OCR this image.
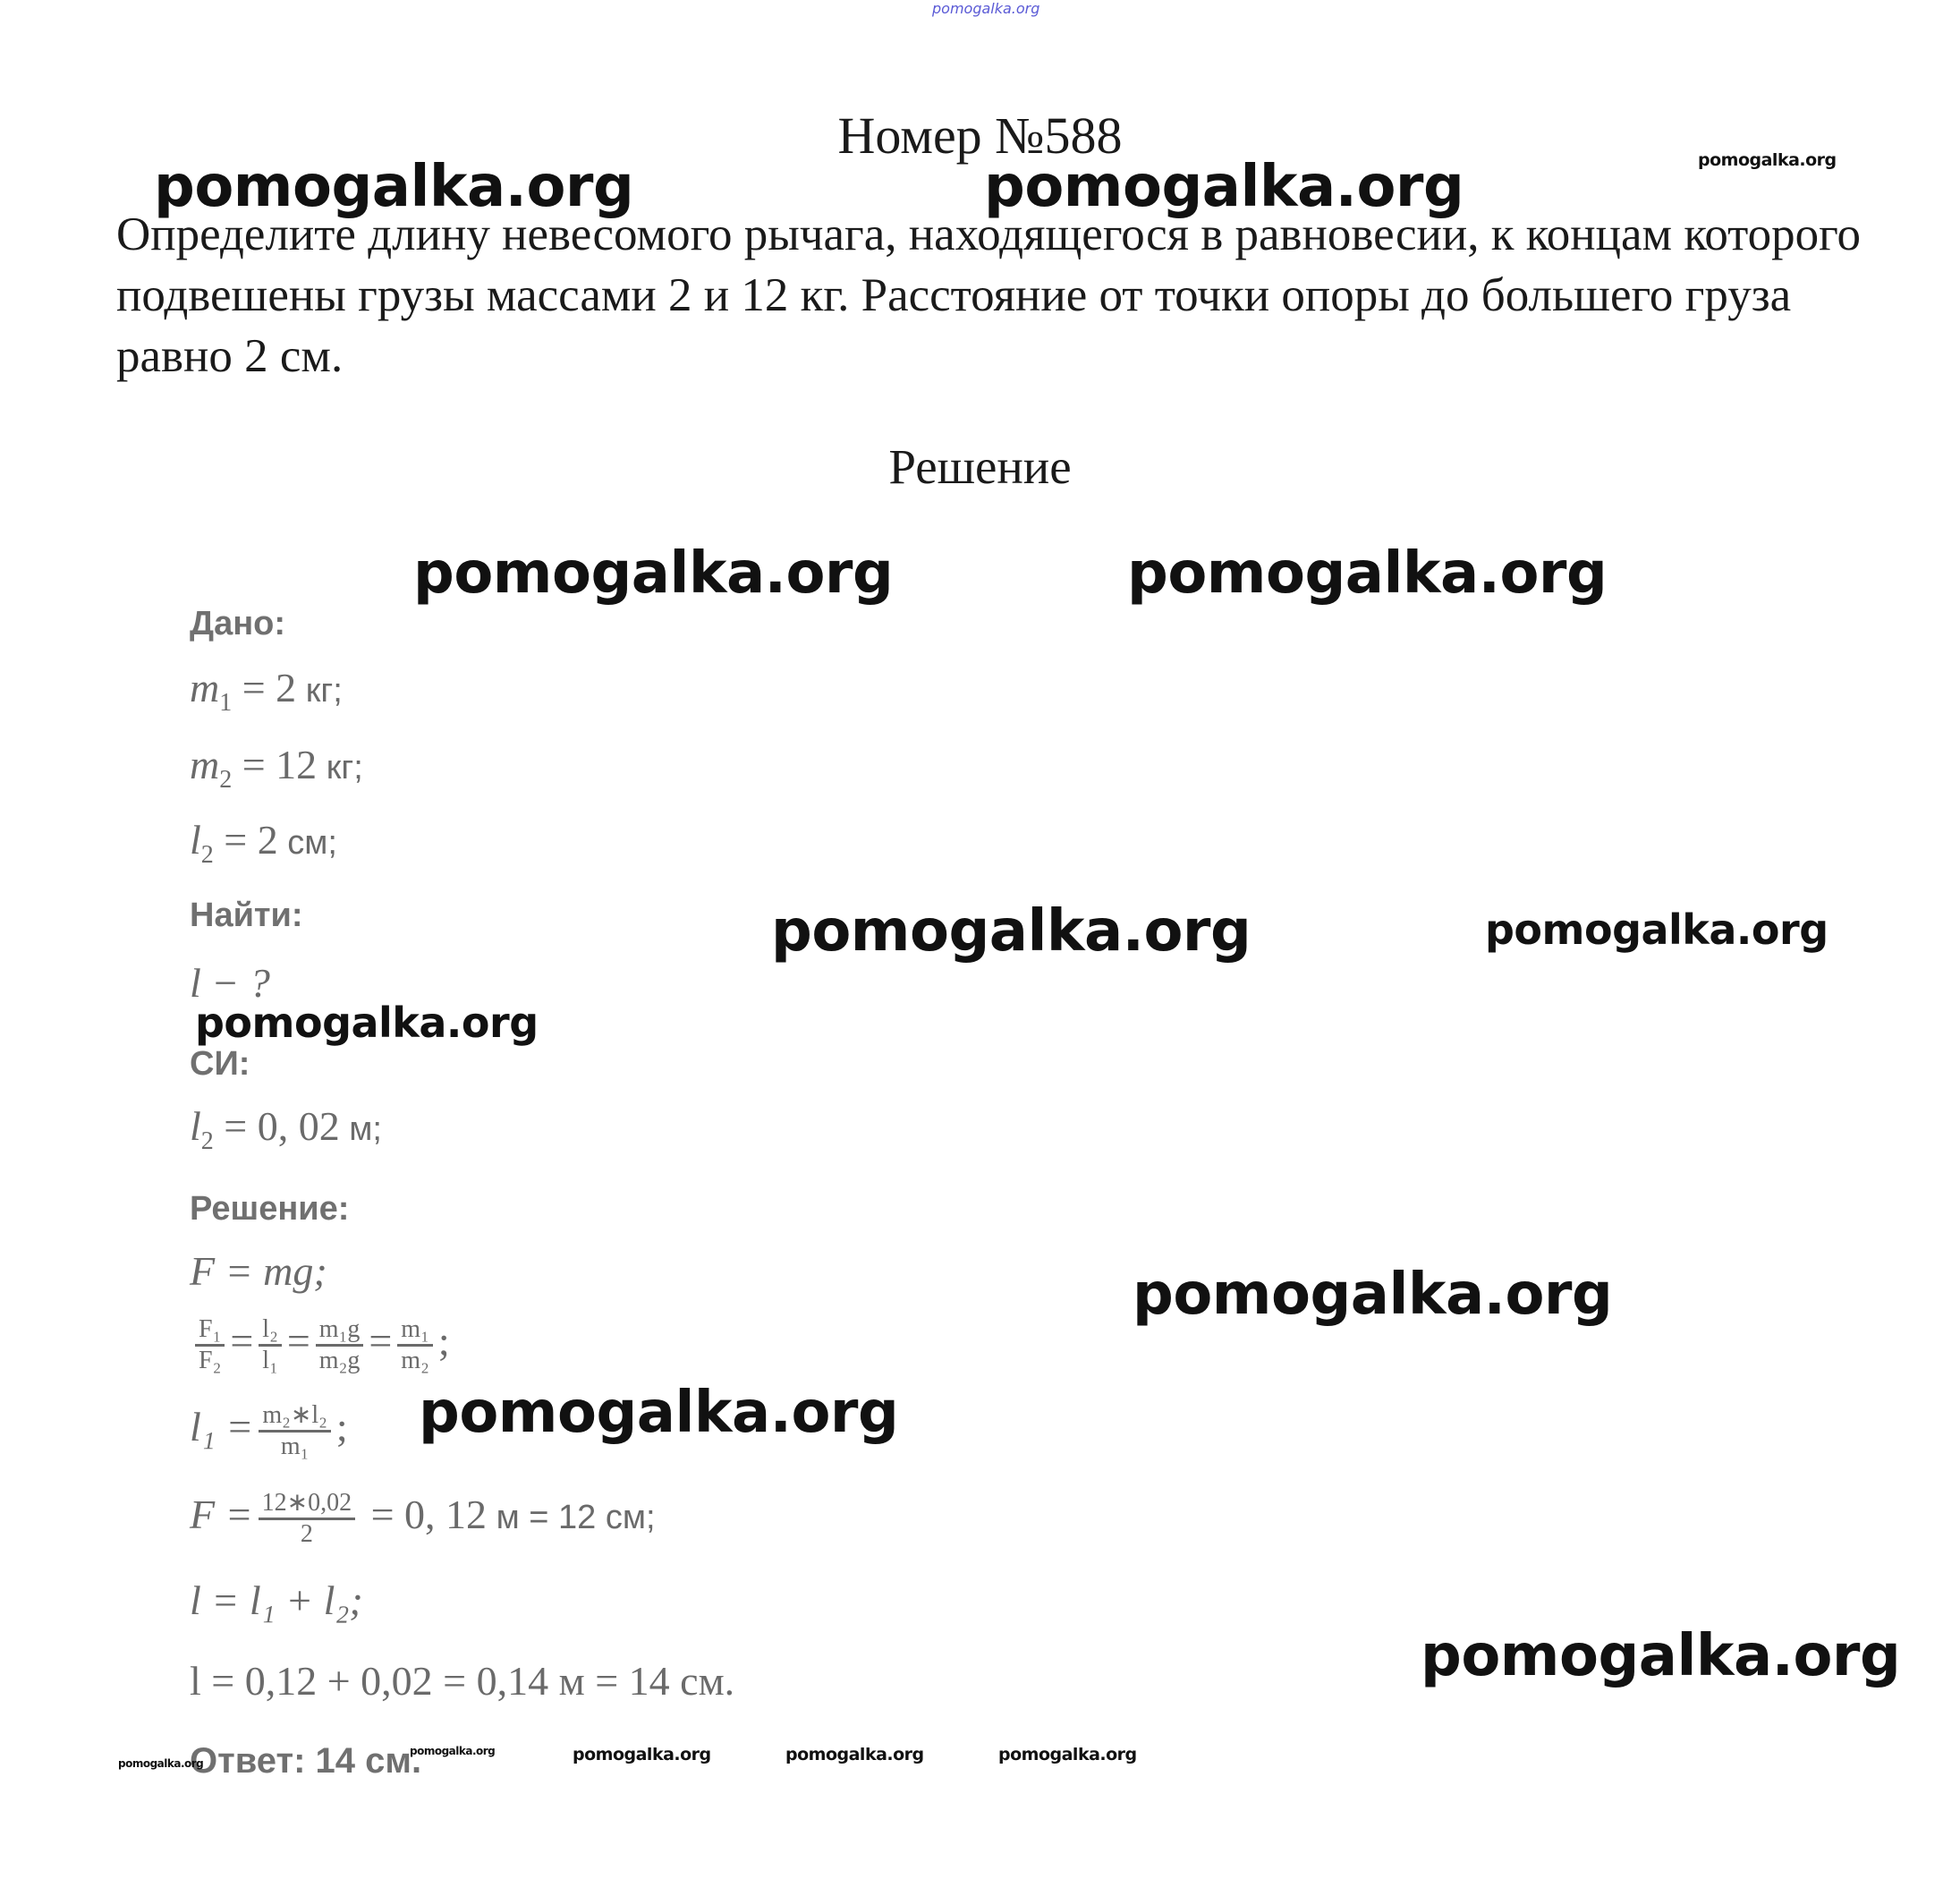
pomogalka.org
Номер №588
Определите длину невесомого рычага, находящегося в равновесии, к концам которого подвешены грузы массами 2 и 12 кг. Расстояние от точки опоры до большего груза равно 2 см.
Решение
Дано:
$m_1 = 2$ кг;
$m_2 = 12$ кг;
$l_2 = 2$ см;
Найти:
l − ?
СИ:
$l_2 = 0$, 02 м;
Решение:
F = mg;
$\frac{\text{F₁}}{\text{F₂}} = \frac{\text{l₂}}{\text{l₁}} = \frac{\text{m₁g}}{\text{m₂g}} = \frac{\text{m₁}}{\text{m₂}}$ ;
$l_1 = \frac{\text{m₂∗l₂}}{\text{m₁}}$ ;
$F = \frac{12∗0,02}{2} = 0$, 12 м = 12 см;
l = l₁ + l₂;
l = 0,12 + 0,02 = 0,14 м = 14 см.
Ответ: 14 см.
pomogalka.org	pomogalka.org	pomogalka.org
pomogalka.org	pomogalka.org
pomogalka.org	pomogalka.org
pomogalka.org
pomogalka.org
pomogalka.org
pomogalka.org
pomogalka.org
pomogalka.org	pomogalka.org	pomogalka.org	pomogalka.org
